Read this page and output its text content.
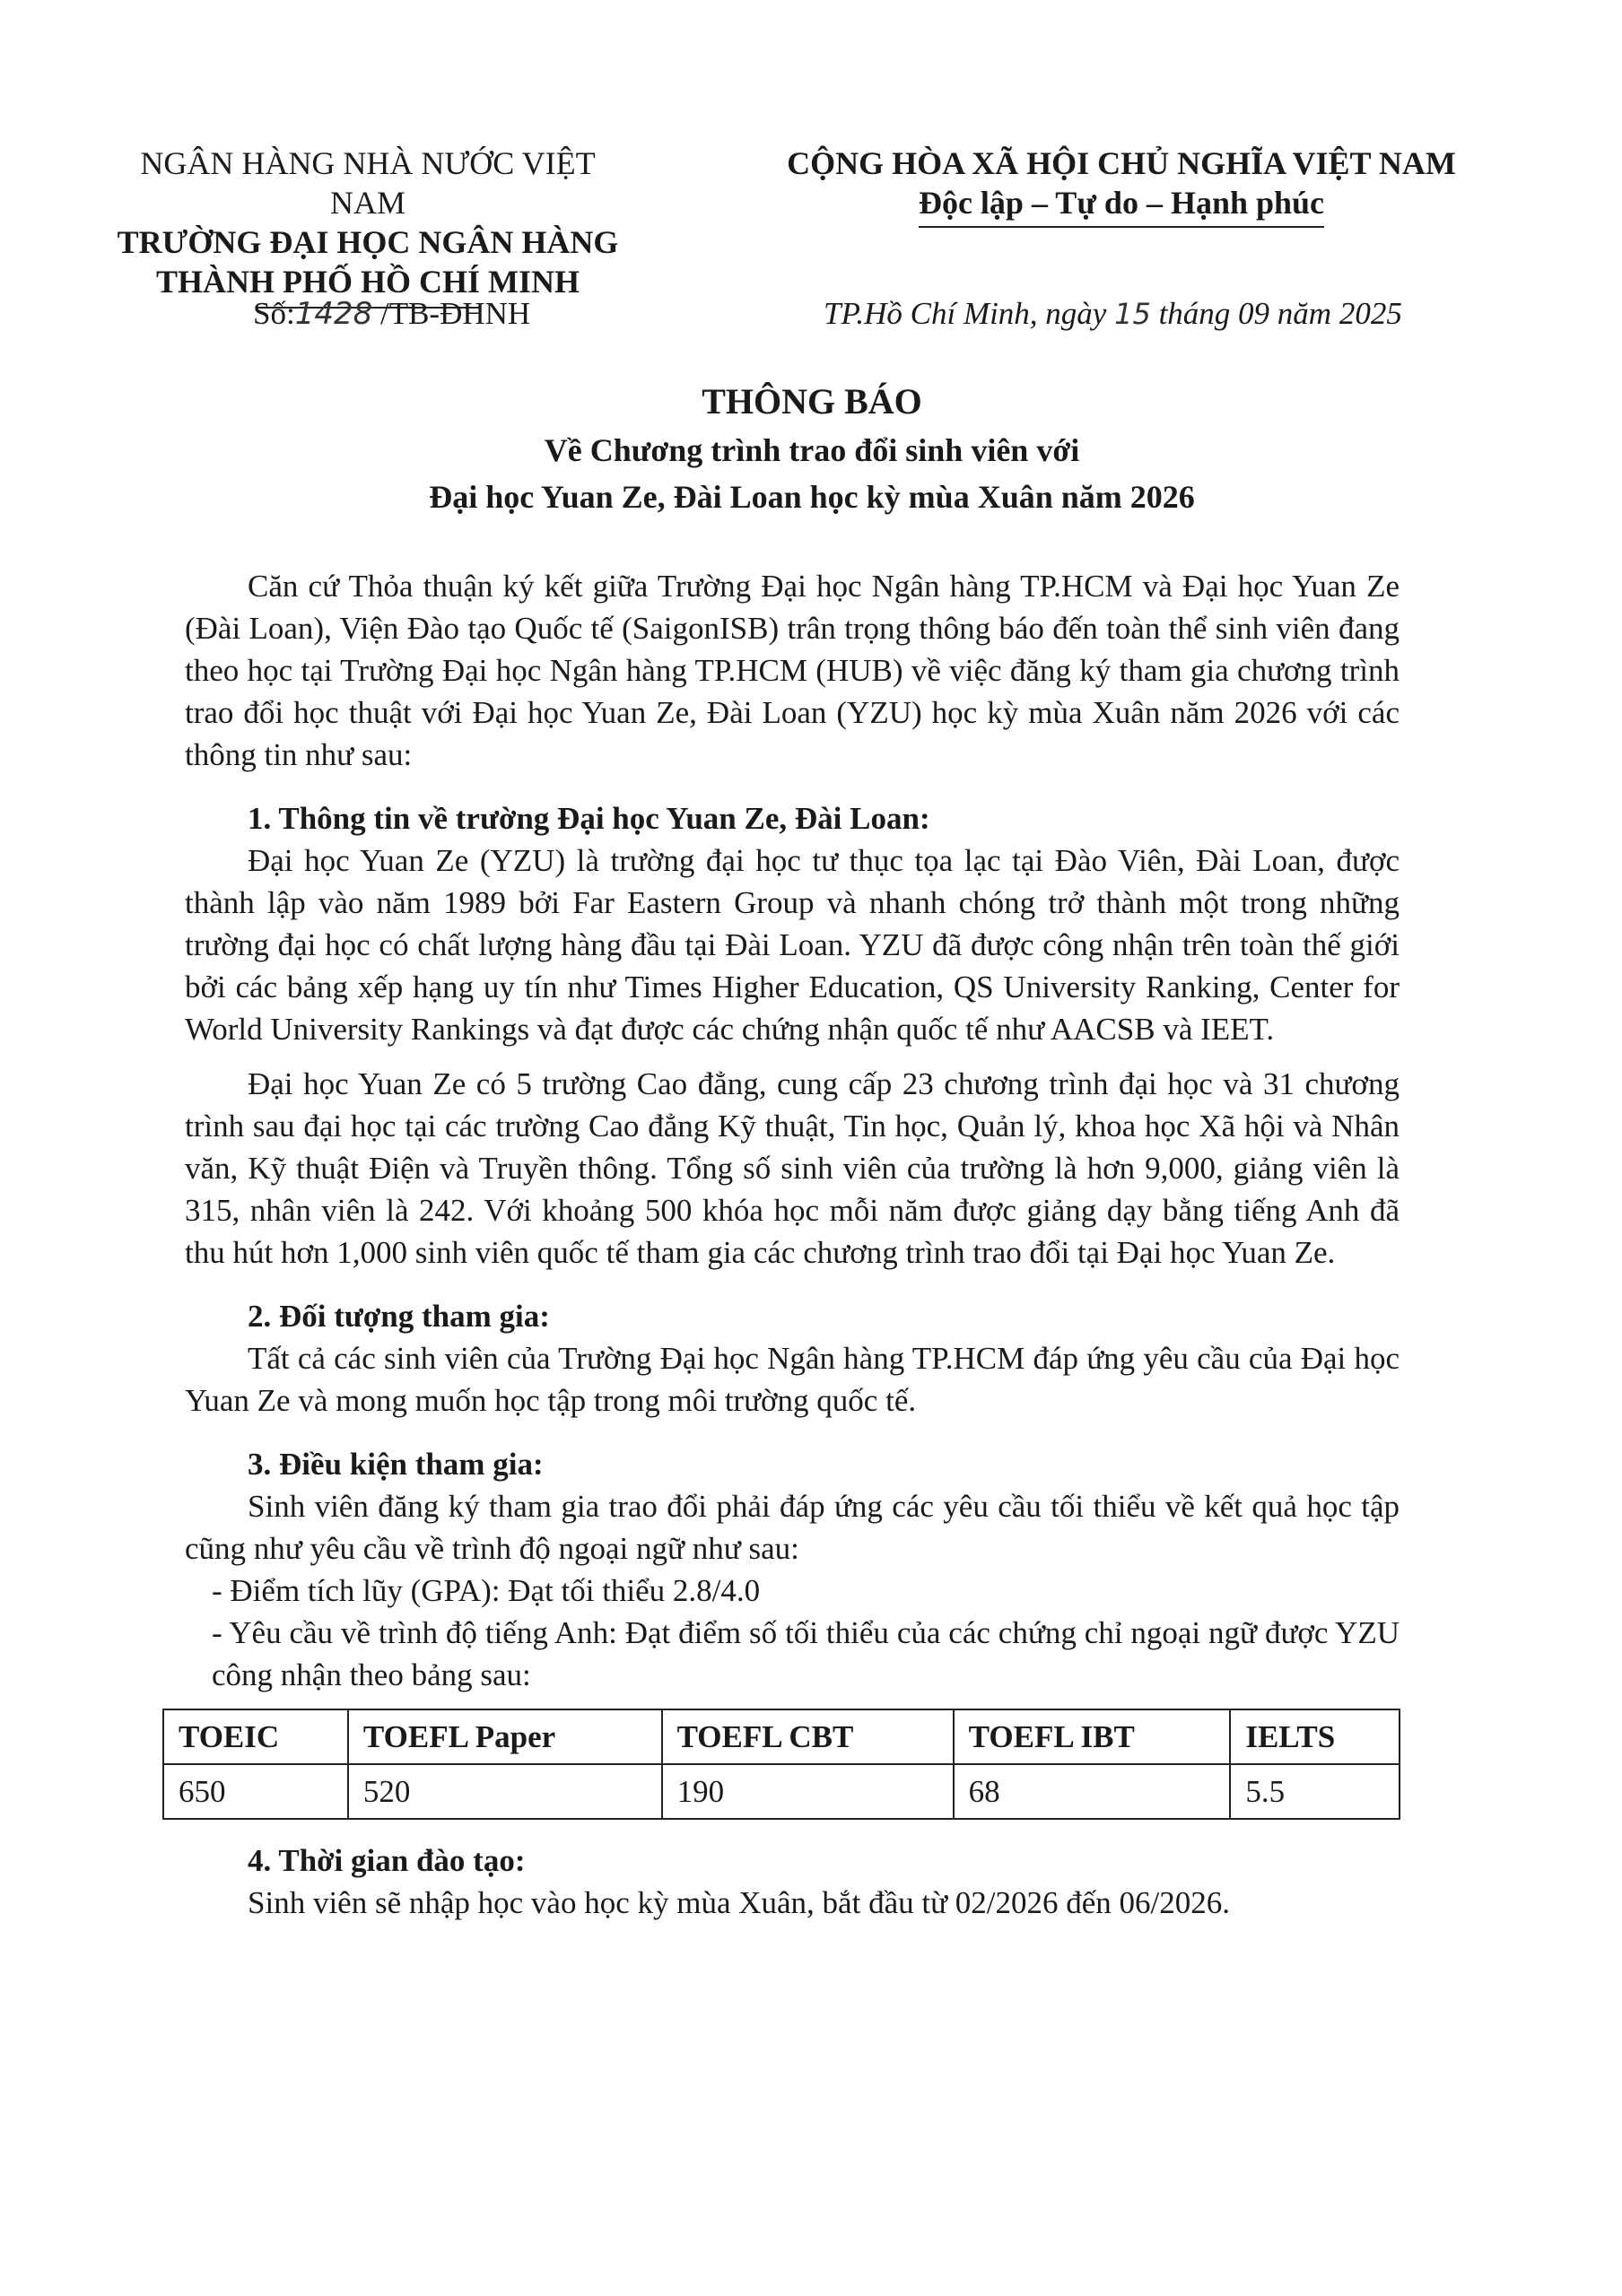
NGÂN HÀNG NHÀ NƯỚC VIỆT NAM
TRƯỜNG ĐẠI HỌC NGÂN HÀNG
THÀNH PHỐ HỒ CHÍ MINH
CỘNG HÒA XÃ HỘI CHỦ NGHĨA VIỆT NAM
Độc lập – Tự do – Hạnh phúc
Số:1428 /TB-ĐHNH	TP.Hồ Chí Minh, ngày 15 tháng 09 năm 2025
THÔNG BÁO
Về Chương trình trao đổi sinh viên với
Đại học Yuan Ze, Đài Loan học kỳ mùa Xuân năm 2026

Căn cứ Thỏa thuận ký kết giữa Trường Đại học Ngân hàng TP.HCM và Đại học Yuan Ze (Đài Loan), Viện Đào tạo Quốc tế (SaigonISB) trân trọng thông báo đến toàn thể sinh viên đang theo học tại Trường Đại học Ngân hàng TP.HCM (HUB) về việc đăng ký tham gia chương trình trao đổi học thuật với Đại học Yuan Ze, Đài Loan (YZU) học kỳ mùa Xuân năm 2026 với các thông tin như sau:

1. Thông tin về trường Đại học Yuan Ze, Đài Loan:

Đại học Yuan Ze (YZU) là trường đại học tư thục tọa lạc tại Đào Viên, Đài Loan, được thành lập vào năm 1989 bởi Far Eastern Group và nhanh chóng trở thành một trong những trường đại học có chất lượng hàng đầu tại Đài Loan. YZU đã được công nhận trên toàn thế giới bởi các bảng xếp hạng uy tín như Times Higher Education, QS University Ranking, Center for World University Rankings và đạt được các chứng nhận quốc tế như AACSB và IEET.

Đại học Yuan Ze có 5 trường Cao đẳng, cung cấp 23 chương trình đại học và 31 chương trình sau đại học tại các trường Cao đẳng Kỹ thuật, Tin học, Quản lý, khoa học Xã hội và Nhân văn, Kỹ thuật Điện và Truyền thông. Tổng số sinh viên của trường là hơn 9,000, giảng viên là 315, nhân viên là 242. Với khoảng 500 khóa học mỗi năm được giảng dạy bằng tiếng Anh đã thu hút hơn 1,000 sinh viên quốc tế tham gia các chương trình trao đổi tại Đại học Yuan Ze.

2. Đối tượng tham gia:

Tất cả các sinh viên của Trường Đại học Ngân hàng TP.HCM đáp ứng yêu cầu của Đại học Yuan Ze và mong muốn học tập trong môi trường quốc tế.

3. Điều kiện tham gia:

Sinh viên đăng ký tham gia trao đổi phải đáp ứng các yêu cầu tối thiểu về kết quả học tập cũng như yêu cầu về trình độ ngoại ngữ như sau:

- Điểm tích lũy (GPA): Đạt tối thiểu 2.8/4.0

- Yêu cầu về trình độ tiếng Anh: Đạt điểm số tối thiểu của các chứng chỉ ngoại ngữ được YZU công nhận theo bảng sau:

TOEIC	TOEFL Paper	TOEFL CBT	TOEFL IBT	IELTS
650	520	190	68	5.5

4. Thời gian đào tạo:

Sinh viên sẽ nhập học vào học kỳ mùa Xuân, bắt đầu từ 02/2026 đến 06/2026.
